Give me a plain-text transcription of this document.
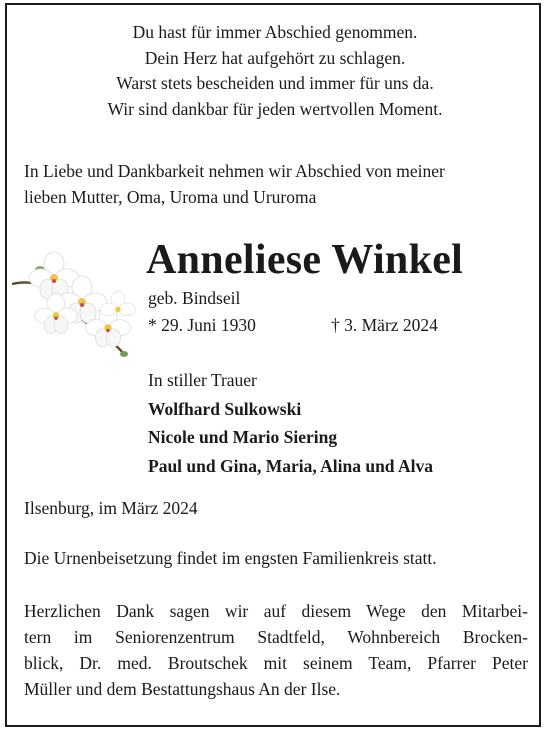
Du hast für immer Abschied genommen.
Dein Herz hat aufgehört zu schlagen.
Warst stets bescheiden und immer für uns da.
Wir sind dankbar für jeden wertvollen Moment.
In Liebe und Dankbarkeit nehmen wir Abschied von meiner
lieben Mutter, Oma, Uroma und Ururoma
Anneliese Winkel
geb. Bindseil
* 29. Juni 1930	† 3. März 2024
In stiller Trauer
Wolfhard Sulkowski
Nicole und Mario Siering
Paul und Gina, Maria, Alina und Alva
Ilsenburg, im März 2024
Die Urnenbeisetzung findet im engsten Familienkreis statt.
Herzlichen Dank sagen wir auf diesem Wege den Mitarbei-
tern im Seniorenzentrum Stadtfeld, Wohnbereich Brocken-
blick, Dr. med. Broutschek mit seinem Team, Pfarrer Peter
Müller und dem Bestattungshaus An der Ilse.
